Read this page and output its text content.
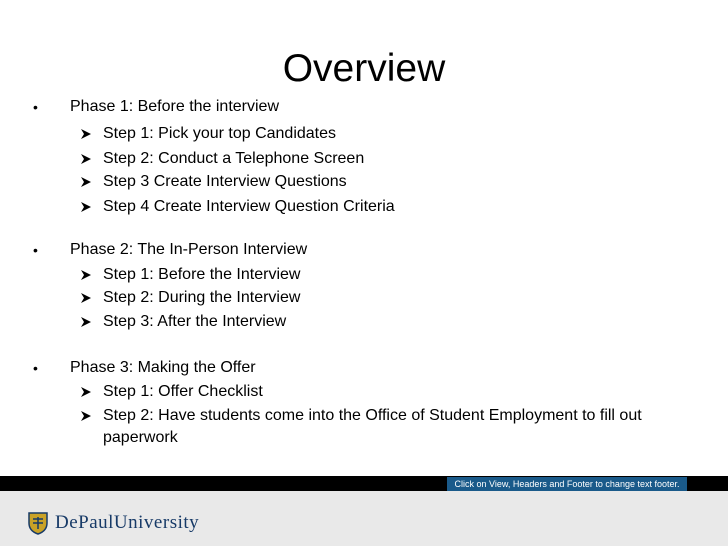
Overview
• Phase 1: Before the interview
Step 1: Pick your top Candidates
Step 2: Conduct a Telephone Screen
Step 3 Create Interview Questions
Step 4 Create Interview Question Criteria
• Phase 2: The In-Person Interview
Step 1: Before the Interview
Step 2: During the Interview
Step 3: After the Interview
• Phase 3: Making the Offer
Step 1: Offer Checklist
Step 2: Have students come into the Office of Student Employment to fill out
paperwork
Click on View, Headers and Footer to change text footer.
DePaulUniversity
